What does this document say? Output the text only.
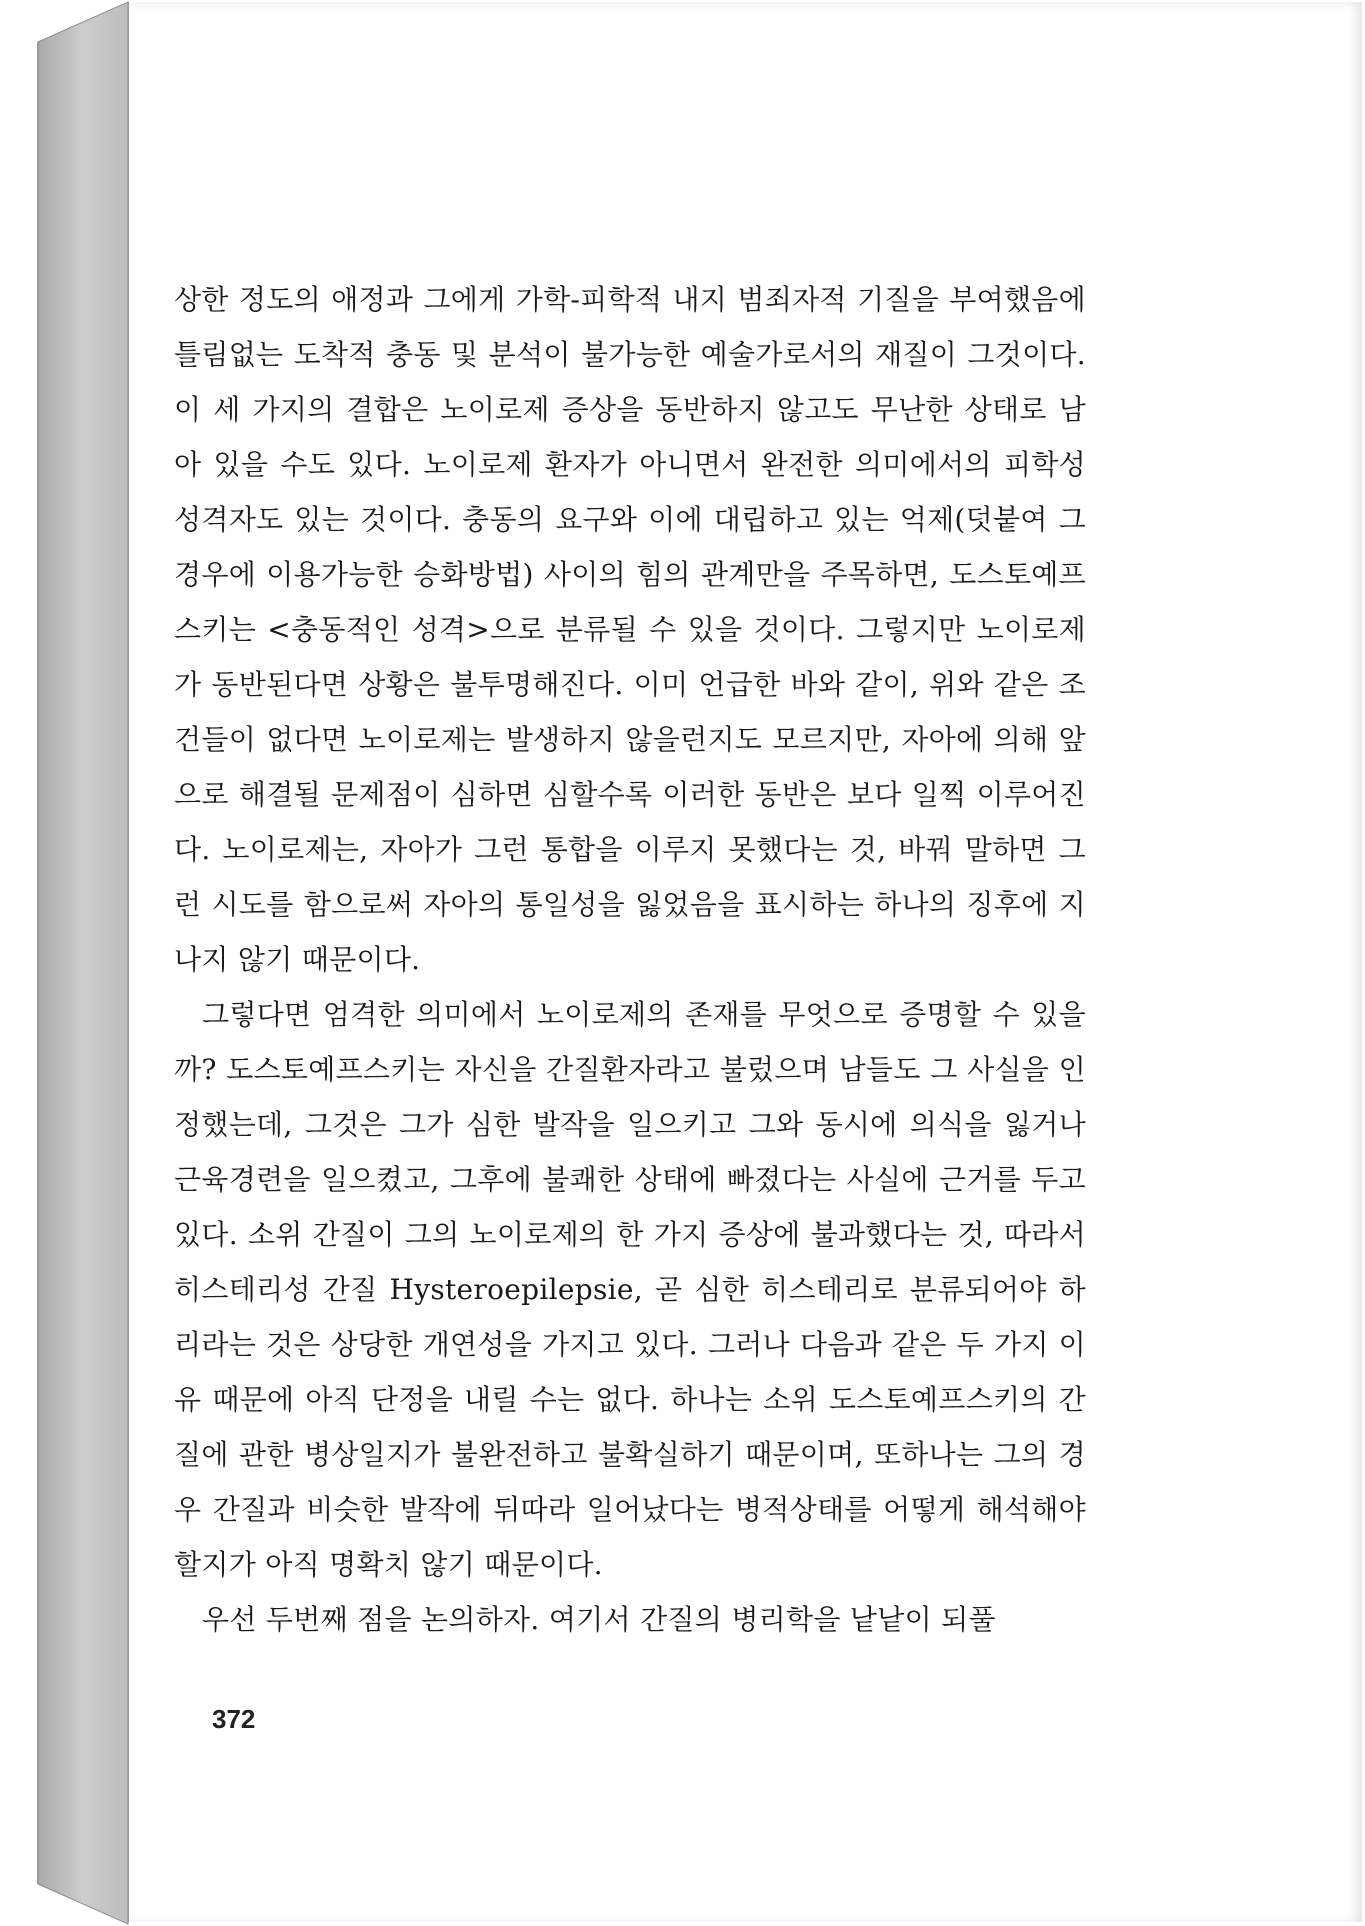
상한 정도의 애정과 그에게 가학-피학적 내지 범죄자적 기질을 부여했음에 틀림없는 도착적 충동 및 분석이 불가능한 예술가로서의 재질이 그것이다. 이 세 가지의 결합은 노이로제 증상을 동반하지 않고도 무난한 상태로 남아 있을 수도 있다. 노이로제 환자가 아니면서 완전한 의미에서의 피학성 성격자도 있는 것이다. 충동의 요구와 이에 대립하고 있는 억제(덧붙여 그 경우에 이용가능한 승화방법) 사이의 힘의 관계만을 주목하면, 도스토예프스키는 <충동적인 성격>으로 분류될 수 있을 것이다. 그렇지만 노이로제가 동반된다면 상황은 불투명해진다. 이미 언급한 바와 같이, 위와 같은 조건들이 없다면 노이로제는 발생하지 않을런지도 모르지만, 자아에 의해 앞으로 해결될 문제점이 심하면 심할수록 이러한 동반은 보다 일찍 이루어진다. 노이로제는, 자아가 그런 통합을 이루지 못했다는 것, 바꿔 말하면 그런 시도를 함으로써 자아의 통일성을 잃었음을 표시하는 하나의 징후에 지나지 않기 때문이다.

그렇다면 엄격한 의미에서 노이로제의 존재를 무엇으로 증명할 수 있을까? 도스토예프스키는 자신을 간질환자라고 불렀으며 남들도 그 사실을 인정했는데, 그것은 그가 심한 발작을 일으키고 그와 동시에 의식을 잃거나 근육경련을 일으켰고, 그후에 불쾌한 상태에 빠졌다는 사실에 근거를 두고 있다. 소위 간질이 그의 노이로제의 한 가지 증상에 불과했다는 것, 따라서 히스테리성 간질 Hysteroepilepsie, 곧 심한 히스테리로 분류되어야 하리라는 것은 상당한 개연성을 가지고 있다. 그러나 다음과 같은 두 가지 이유 때문에 아직 단정을 내릴 수는 없다. 하나는 소위 도스토예프스키의 간질에 관한 병상일지가 불완전하고 불확실하기 때문이며, 또하나는 그의 경우 간질과 비슷한 발작에 뒤따라 일어났다는 병적상태를 어떻게 해석해야 할지가 아직 명확치 않기 때문이다.

우선 두번째 점을 논의하자. 여기서 간질의 병리학을 낱낱이 되풀

372
